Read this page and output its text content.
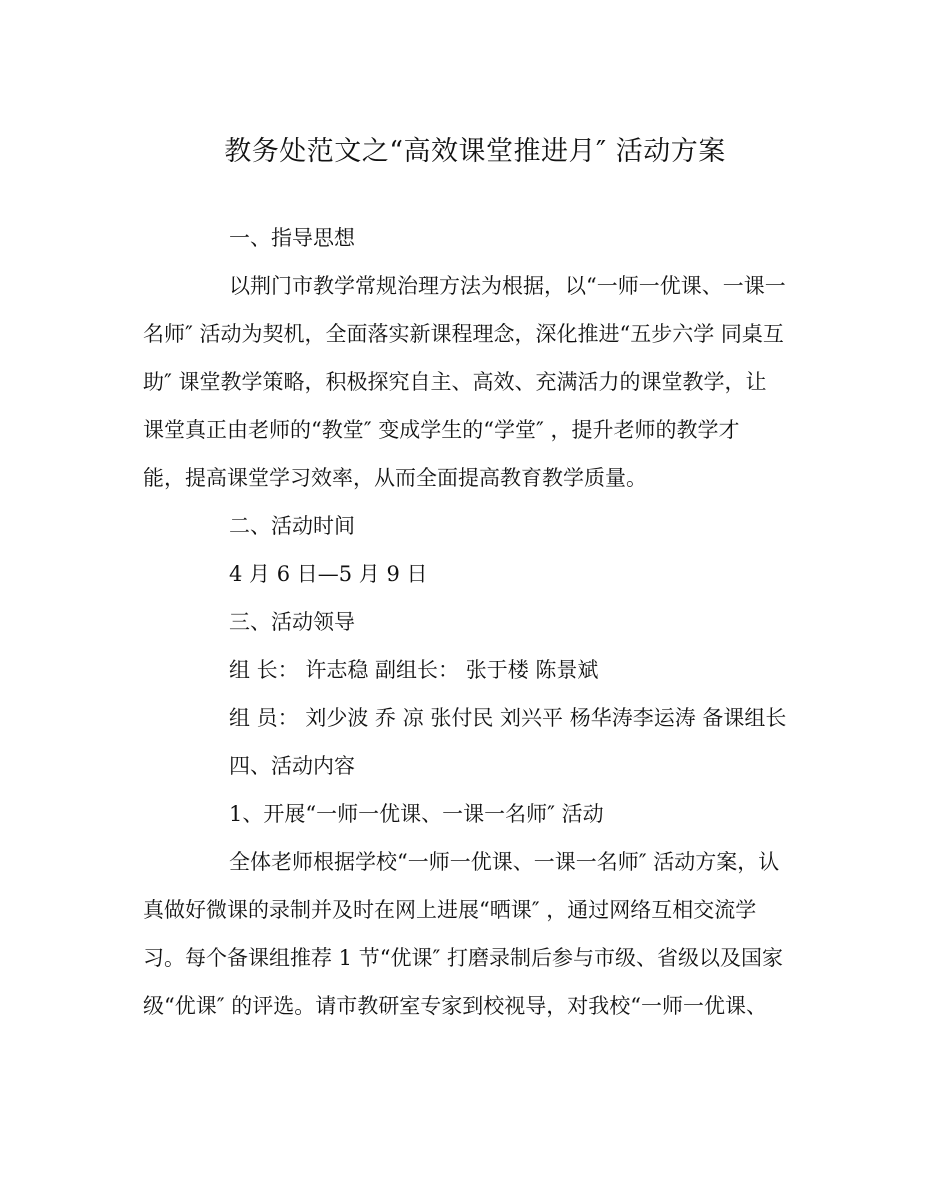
教务处范文之“高效课堂推进月″ 活动方案
一、指导思想
以荆门市教学常规治理方法为根据，以“一师一优课、一课一
名师″ 活动为契机，全面落实新课程理念，深化推进“五步六学 同桌互
助″ 课堂教学策略，积极探究自主、高效、充满活力的课堂教学，让
课堂真正由老师的“教堂″ 变成学生的“学堂″ ，提升老师的教学才
能，提高课堂学习效率，从而全面提高教育教学质量。
二、活动时间
4 月 6 日—5 月 9 日
三、活动领导
组 长： 许志稳 副组长： 张于楼 陈景斌
组 员： 刘少波 乔 凉 张付民 刘兴平 杨华涛李运涛 备课组长
四、活动内容
1、开展“一师一优课、一课一名师″ 活动
全体老师根据学校“一师一优课、一课一名师″ 活动方案，认
真做好微课的录制并及时在网上进展“晒课″ ，通过网络互相交流学
习。每个备课组推荐 1 节“优课″ 打磨录制后参与市级、省级以及国家
级“优课″ 的评选。请市教研室专家到校视导，对我校“一师一优课、
